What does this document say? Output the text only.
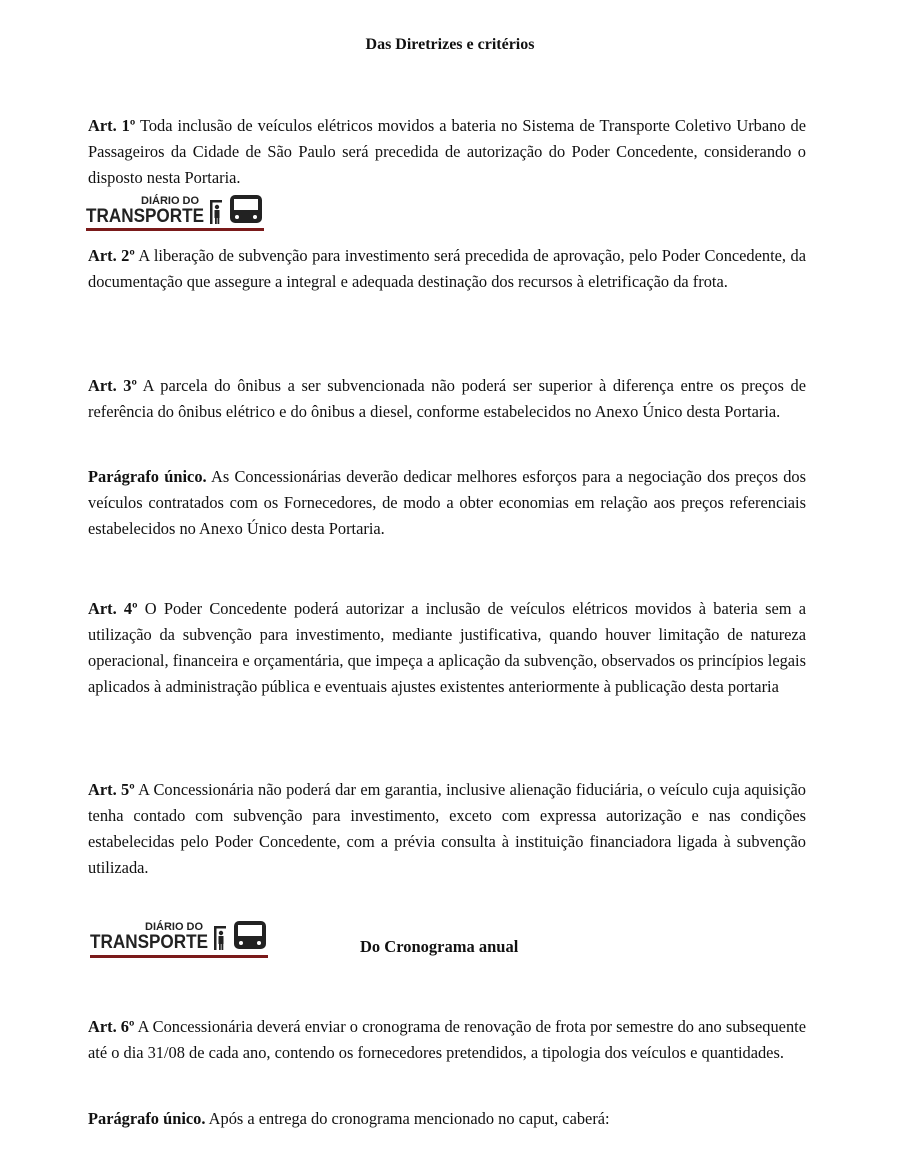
Das Diretrizes e critérios

Art. 1º Toda inclusão de veículos elétricos movidos a bateria no Sistema de Transporte Coletivo Urbano de Passageiros da Cidade de São Paulo será precedida de autorização do Poder Concedente, considerando o disposto nesta Portaria.

DIÁRIO DO
TRANSPORTE

Art. 2º A liberação de subvenção para investimento será precedida de aprovação, pelo Poder Concedente, da documentação que assegure a integral e adequada destinação dos recursos à eletrificação da frota.

Art. 3º A parcela do ônibus a ser subvencionada não poderá ser superior à diferença entre os preços de referência do ônibus elétrico e do ônibus a diesel, conforme estabelecidos no Anexo Único desta Portaria.

Parágrafo único. As Concessionárias deverão dedicar melhores esforços para a negociação dos preços dos veículos contratados com os Fornecedores, de modo a obter economias em relação aos preços referenciais estabelecidos no Anexo Único desta Portaria.

Art. 4º O Poder Concedente poderá autorizar a inclusão de veículos elétricos movidos à bateria sem a utilização da subvenção para investimento, mediante justificativa, quando houver limitação de natureza operacional, financeira e orçamentária, que impeça a aplicação da subvenção, observados os princípios legais aplicados à administração pública e eventuais ajustes existentes anteriormente à publicação desta portaria

Art. 5º A Concessionária não poderá dar em garantia, inclusive alienação fiduciária, o veículo cuja aquisição tenha contado com subvenção para investimento, exceto com expressa autorização e nas condições estabelecidas pelo Poder Concedente, com a prévia consulta à instituição financiadora ligada à subvenção utilizada.

DIÁRIO DO
TRANSPORTE	Do Cronograma anual

Art. 6º A Concessionária deverá enviar o cronograma de renovação de frota por semestre do ano subsequente até o dia 31/08 de cada ano, contendo os fornecedores pretendidos, a tipologia dos veículos e quantidades.

Parágrafo único. Após a entrega do cronograma mencionado no caput, caberá:
